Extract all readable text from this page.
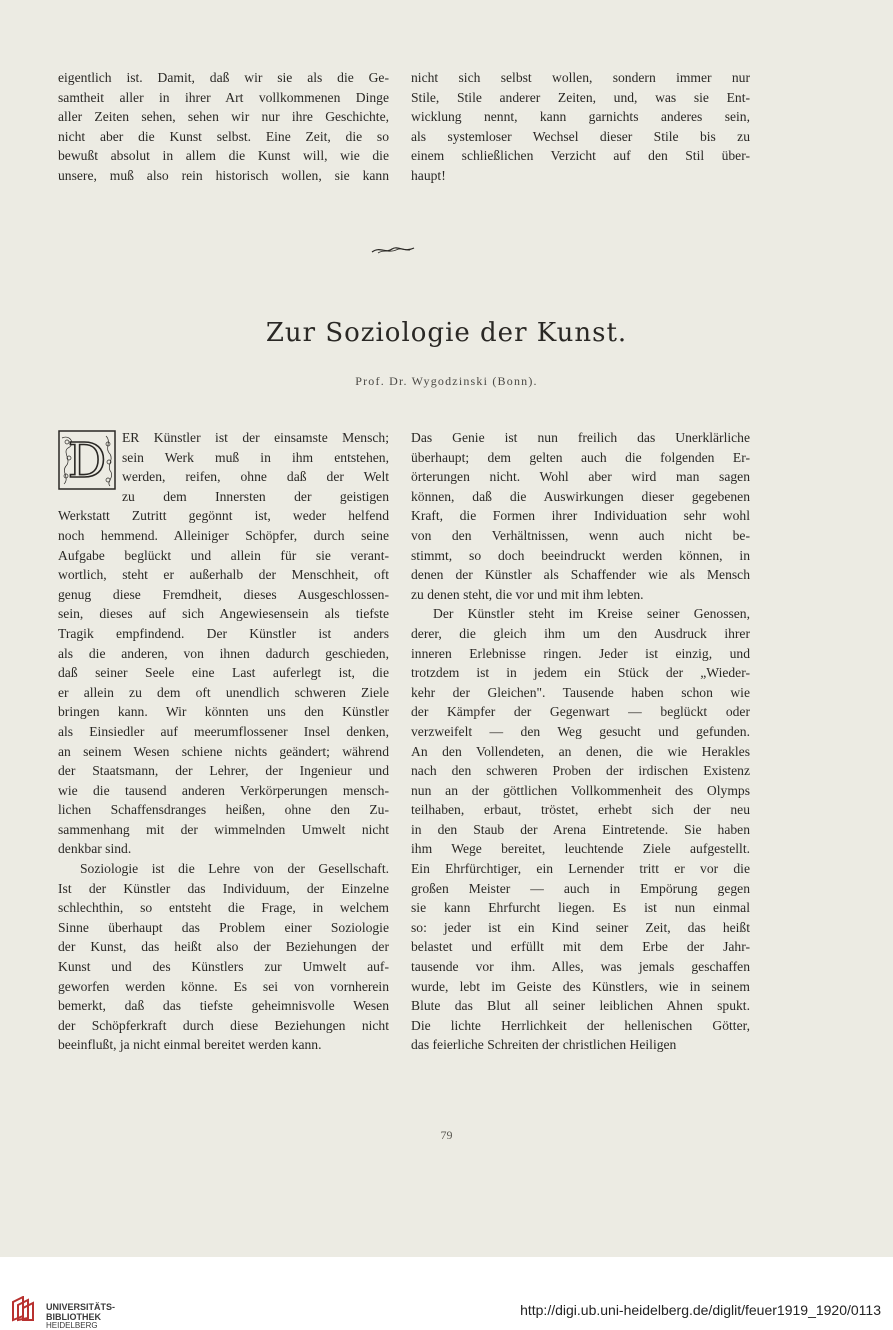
eigentlich ist. Damit, daß wir sie als die Ge-
samtheit aller in ihrer Art vollkommenen Dinge
aller Zeiten sehen, sehen wir nur ihre Geschichte,
nicht aber die Kunst selbst. Eine Zeit, die so
bewußt absolut in allem die Kunst will, wie die
unsere, muß also rein historisch wollen, sie kann
nicht sich selbst wollen, sondern immer nur
Stile, Stile anderer Zeiten, und, was sie Ent-
wicklung nennt, kann garnichts anderes sein,
als systemloser Wechsel dieser Stile bis zu
einem schließlichen Verzicht auf den Stil über-
haupt!
Zur Soziologie der Kunst.
Prof. Dr. Wygodzinski (Bonn).
ER Künstler ist der einsamste Mensch;
sein Werk muß in ihm entstehen,
werden, reifen, ohne daß der Welt
zu dem Innersten der geistigen
Werkstatt Zutritt gegönnt ist, weder helfend
noch hemmend. Alleiniger Schöpfer, durch seine
Aufgabe beglückt und allein für sie verant-
wortlich, steht er außerhalb der Menschheit, oft
genug diese Fremdheit, dieses Ausgeschlossen-
sein, dieses auf sich Angewiesensein als tiefste
Tragik empfindend. Der Künstler ist anders
als die anderen, von ihnen dadurch geschieden,
daß seiner Seele eine Last auferlegt ist, die
er allein zu dem oft unendlich schweren Ziele
bringen kann. Wir könnten uns den Künstler
als Einsiedler auf meerumflossener Insel denken,
an seinem Wesen schiene nichts geändert; während
der Staatsmann, der Lehrer, der Ingenieur und
wie die tausend anderen Verkörperungen mensch-
lichen Schaffensdranges heißen, ohne den Zu-
sammenhang mit der wimmelnden Umwelt nicht
denkbar sind.
Soziologie ist die Lehre von der Gesellschaft.
Ist der Künstler das Individuum, der Einzelne
schlechthin, so entsteht die Frage, in welchem
Sinne überhaupt das Problem einer Soziologie
der Kunst, das heißt also der Beziehungen der
Kunst und des Künstlers zur Umwelt auf-
geworfen werden könne. Es sei von vornherein
bemerkt, daß das tiefste geheimnisvolle Wesen
der Schöpferkraft durch diese Beziehungen nicht
beeinflußt, ja nicht einmal bereitet werden kann.
Das Genie ist nun freilich das Unerklärliche
überhaupt; dem gelten auch die folgenden Er-
örterungen nicht. Wohl aber wird man sagen
können, daß die Auswirkungen dieser gegebenen
Kraft, die Formen ihrer Individuation sehr wohl
von den Verhältnissen, wenn auch nicht be-
stimmt, so doch beeindruckt werden können, in
denen der Künstler als Schaffender wie als Mensch
zu denen steht, die vor und mit ihm lebten.
Der Künstler steht im Kreise seiner Genossen,
derer, die gleich ihm um den Ausdruck ihrer
inneren Erlebnisse ringen. Jeder ist einzig, und
trotzdem ist in jedem ein Stück der „Wieder-
kehr der Gleichen". Tausende haben schon wie
der Kämpfer der Gegenwart — beglückt oder
verzweifelt — den Weg gesucht und gefunden.
An den Vollendeten, an denen, die wie Herakles
nach den schweren Proben der irdischen Existenz
nun an der göttlichen Vollkommenheit des Olymps
teilhaben, erbaut, tröstet, erhebt sich der neu
in den Staub der Arena Eintretende. Sie haben
ihm Wege bereitet, leuchtende Ziele aufgestellt.
Ein Ehrfürchtiger, ein Lernender tritt er vor die
großen Meister — auch in Empörung gegen
sie kann Ehrfurcht liegen. Es ist nun einmal
so: jeder ist ein Kind seiner Zeit, das heißt
belastet und erfüllt mit dem Erbe der Jahr-
tausende vor ihm. Alles, was jemals geschaffen
wurde, lebt im Geiste des Künstlers, wie in seinem
Blute das Blut all seiner leiblichen Ahnen spukt.
Die lichte Herrlichkeit der hellenischen Götter,
das feierliche Schreiten der christlichen Heiligen
D
79
UNIVERSITÄTS-
BIBLIOTHEK
HEIDELBERG
http://digi.ub.uni-heidelberg.de/diglit/feuer1919_1920/0113
